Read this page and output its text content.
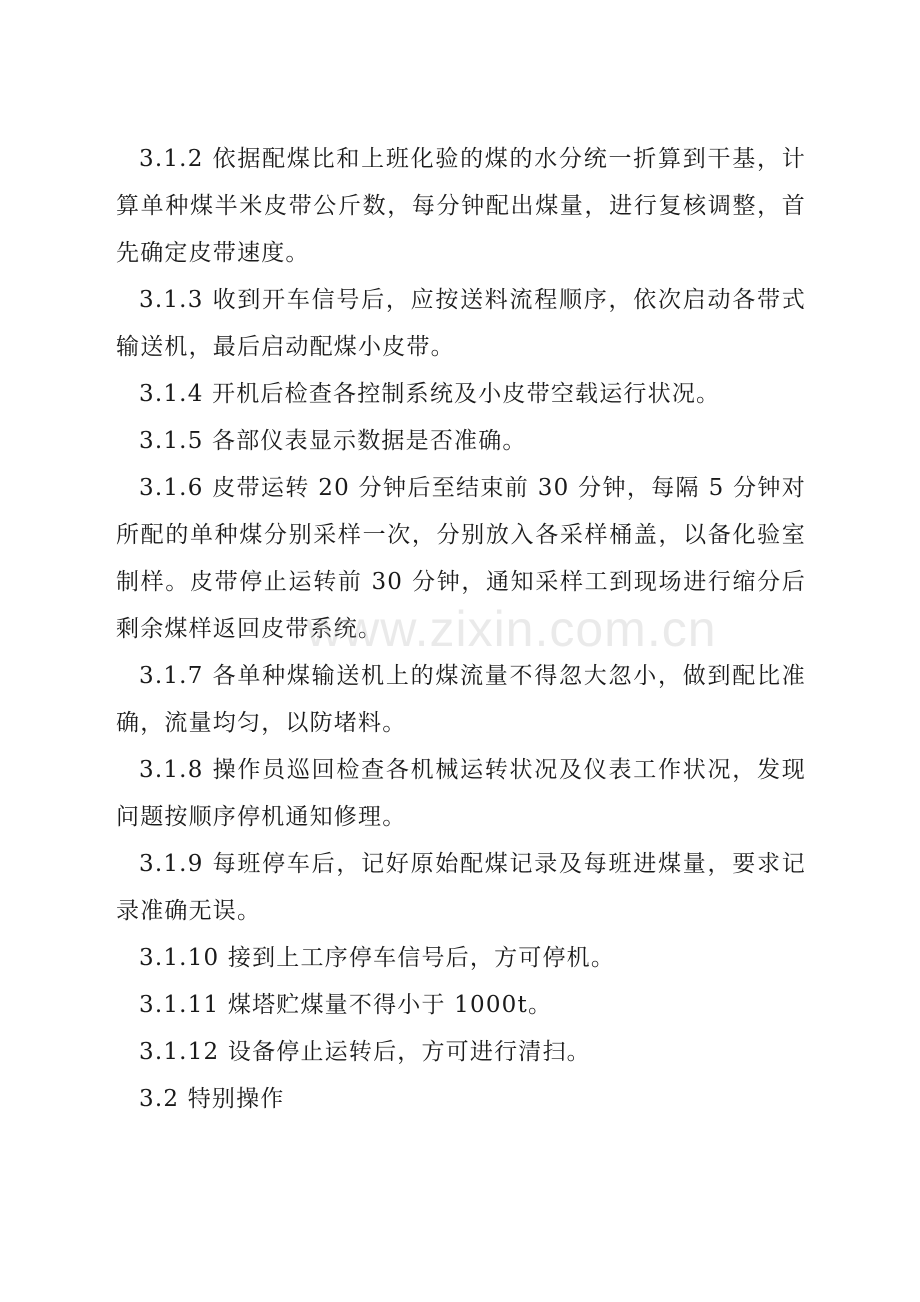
3.1.2 依据配煤比和上班化验的煤的水分统一折算到干基，计算单种煤半米皮带公斤数，每分钟配出煤量，进行复核调整，首先确定皮带速度。

3.1.3 收到开车信号后，应按送料流程顺序，依次启动各带式输送机，最后启动配煤小皮带。

3.1.4 开机后检查各控制系统及小皮带空载运行状况。

3.1.5 各部仪表显示数据是否准确。

3.1.6 皮带运转 20 分钟后至结束前 30 分钟，每隔 5 分钟对所配的单种煤分别采样一次，分别放入各采样桶盖，以备化验室制样。皮带停止运转前 30 分钟，通知采样工到现场进行缩分后剩余煤样返回皮带系统。

3.1.7 各单种煤输送机上的煤流量不得忽大忽小，做到配比准确，流量均匀，以防堵料。

3.1.8 操作员巡回检查各机械运转状况及仪表工作状况，发现问题按顺序停机通知修理。

3.1.9 每班停车后，记好原始配煤记录及每班进煤量，要求记录准确无误。

3.1.10 接到上工序停车信号后，方可停机。

3.1.11 煤塔贮煤量不得小于 1000t。

3.1.12 设备停止运转后，方可进行清扫。

3.2 特别操作

www.zixin.com.cn
